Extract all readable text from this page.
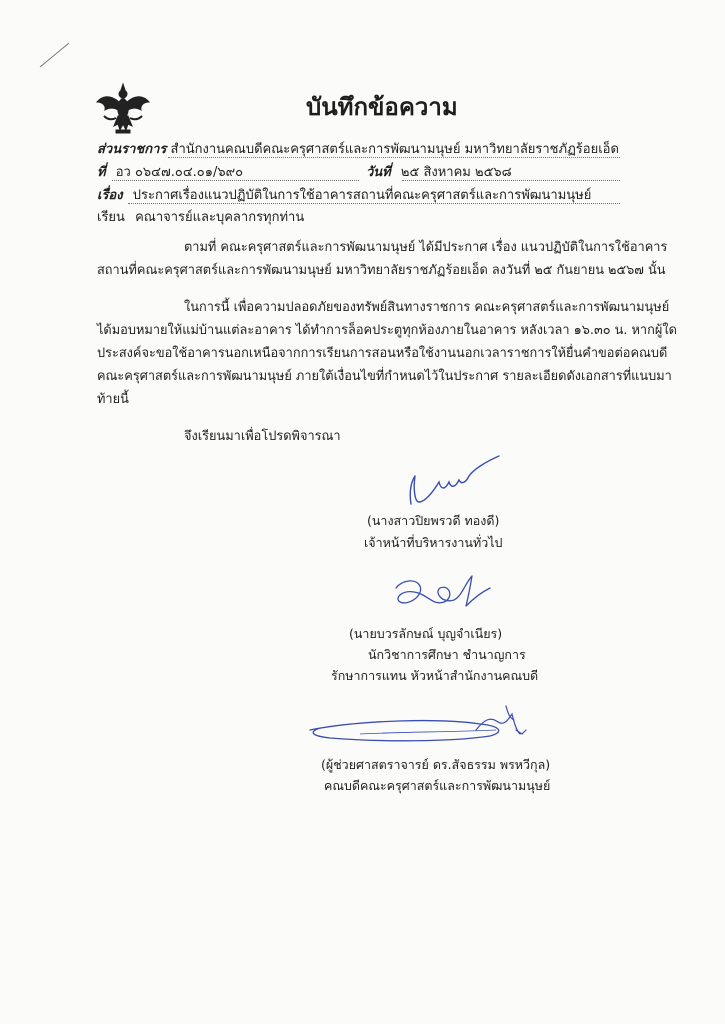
บันทึกข้อความ
ส่วนราชการ สำนักงานคณบดีคณะครุศาสตร์และการพัฒนามนุษย์ มหาวิทยาลัยราชภัฏร้อยเอ็ด
ที่ อว ๐๖๔๗.๐๔.๐๑/๖๙๐	วันที่ ๒๕ สิงหาคม ๒๕๖๘
เรื่อง ประกาศเรื่องแนวปฏิบัติในการใช้อาคารสถานที่คณะครุศาสตร์และการพัฒนามนุษย์
เรียน คณาจารย์และบุคลากรทุกท่าน
ตามที่ คณะครุศาสตร์และการพัฒนามนุษย์ ได้มีประกาศ เรื่อง แนวปฏิบัติในการใช้อาคาร
สถานที่คณะครุศาสตร์และการพัฒนามนุษย์ มหาวิทยาลัยราชภัฏร้อยเอ็ด ลงวันที่ ๒๕ กันยายน ๒๕๖๗ นั้น
ในการนี้ เพื่อความปลอดภัยของทรัพย์สินทางราชการ คณะครุศาสตร์และการพัฒนามนุษย์
ได้มอบหมายให้แม่บ้านแต่ละอาคาร ได้ทำการล็อคประตูทุกห้องภายในอาคาร หลังเวลา ๑๖.๓๐ น. หากผู้ใด
ประสงค์จะขอใช้อาคารนอกเหนือจากการเรียนการสอนหรือใช้งานนอกเวลาราชการให้ยื่นคำขอต่อคณบดี
คณะครุศาสตร์และการพัฒนามนุษย์ ภายใต้เงื่อนไขที่กำหนดไว้ในประกาศ รายละเอียดดังเอกสารที่แนบมา
ท้ายนี้
จึงเรียนมาเพื่อโปรดพิจารณา
(นางสาวปิยพรวดี ทองดี)
เจ้าหน้าที่บริหารงานทั่วไป
(นายบวรลักษณ์ บุญจำเนียร)
นักวิชาการศึกษา ชำนาญการ
รักษาการแทน หัวหน้าสำนักงานคณบดี
(ผู้ช่วยศาสตราจารย์ ดร.สัจธรรม พรหวีกุล)
คณบดีคณะครุศาสตร์และการพัฒนามนุษย์
